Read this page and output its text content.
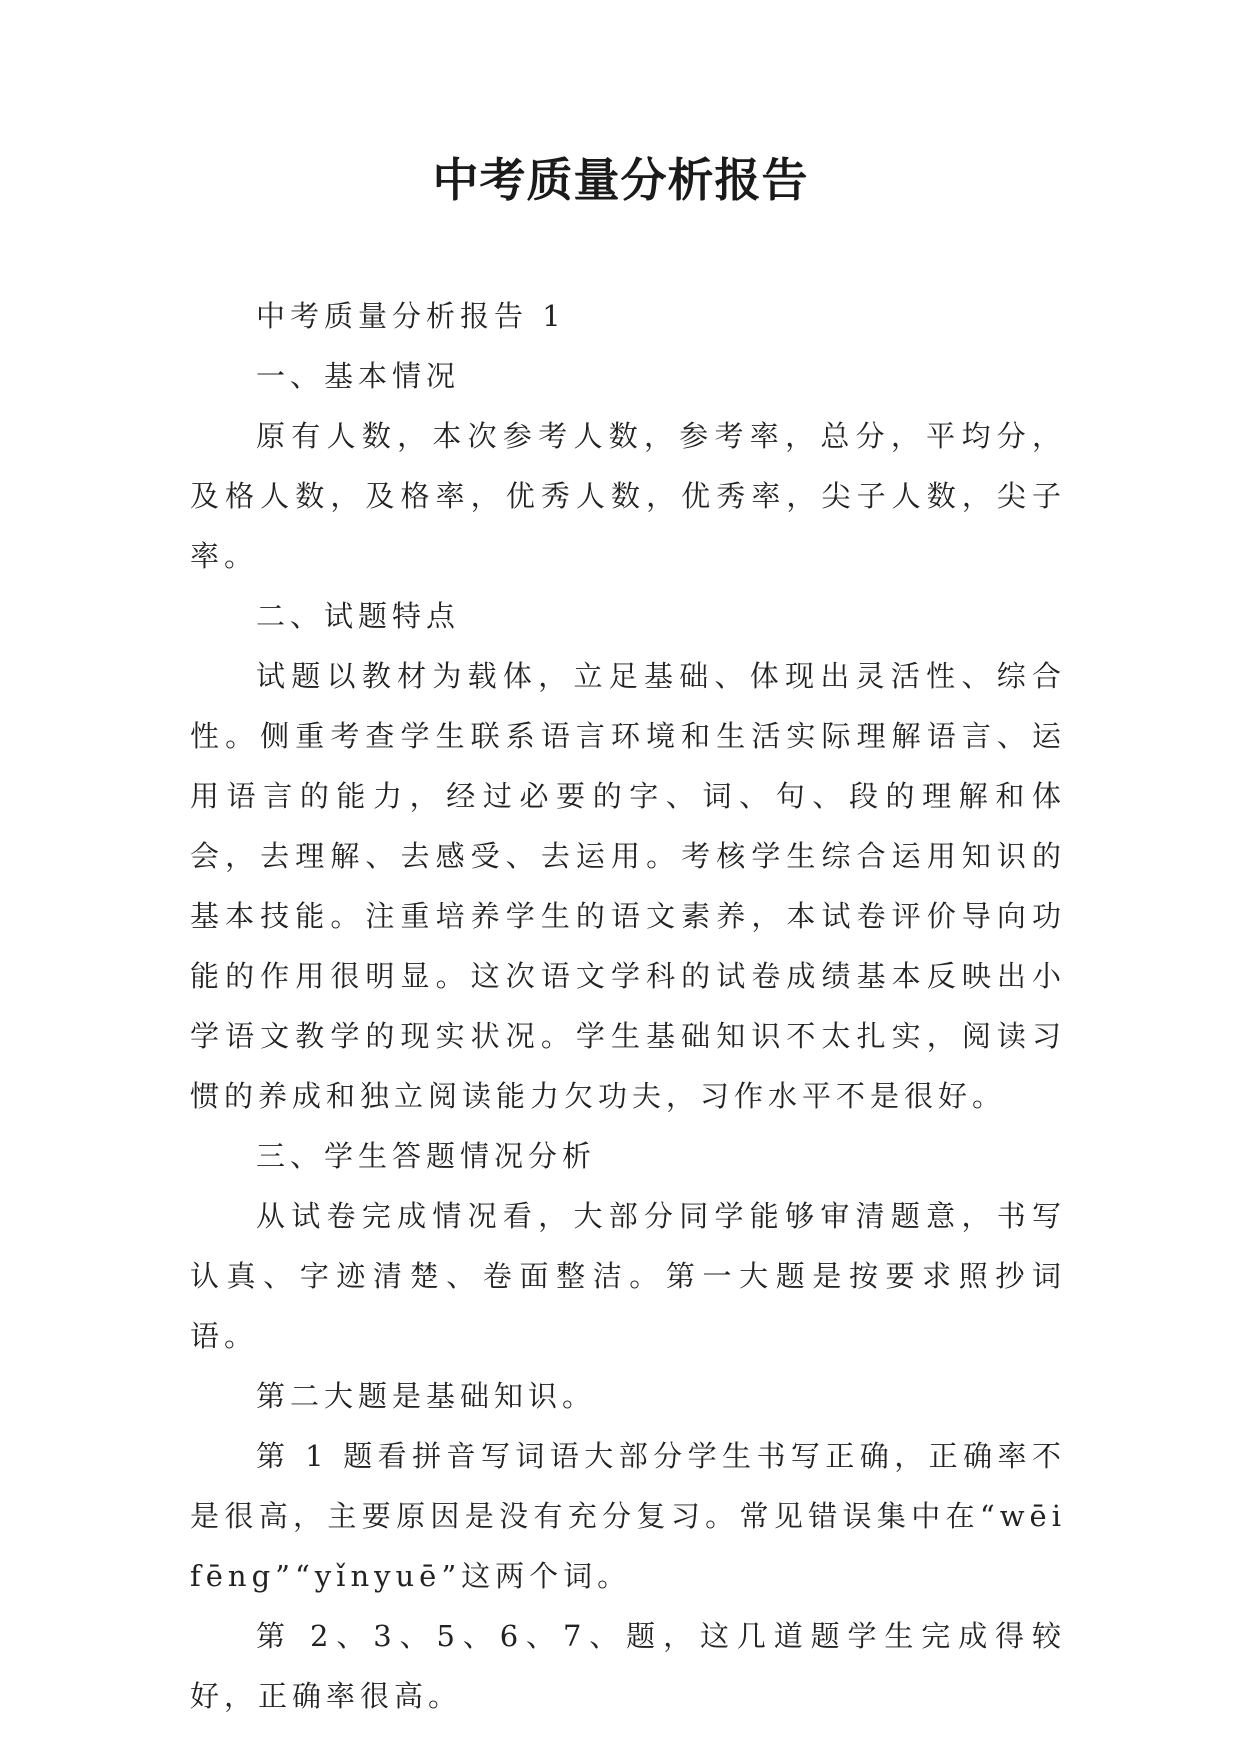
中考质量分析报告

中考质量分析报告 1

一、基本情况

原有人数，本次参考人数，参考率，总分，平均分，及格人数，及格率，优秀人数，优秀率，尖子人数，尖子率。

二、试题特点

试题以教材为载体，立足基础、体现出灵活性、综合性。侧重考查学生联系语言环境和生活实际理解语言、运用语言的能力，经过必要的字、词、句、段的理解和体会，去理解、去感受、去运用。考核学生综合运用知识的基本技能。注重培养学生的语文素养，本试卷评价导向功能的作用很明显。这次语文学科的试卷成绩基本反映出小学语文教学的现实状况。学生基础知识不太扎实，阅读习惯的养成和独立阅读能力欠功夫，习作水平不是很好。

三、学生答题情况分析

从试卷完成情况看，大部分同学能够审清题意，书写认真、字迹清楚、卷面整洁。第一大题是按要求照抄词语。

第二大题是基础知识。

第 1 题看拼音写词语大部分学生书写正确，正确率不是很高，主要原因是没有充分复习。常见错误集中在“wēifēng”“yǐnyuē”这两个词。

第 2、3、5、6、7、题，这几道题学生完成得较好，正确率很高。
